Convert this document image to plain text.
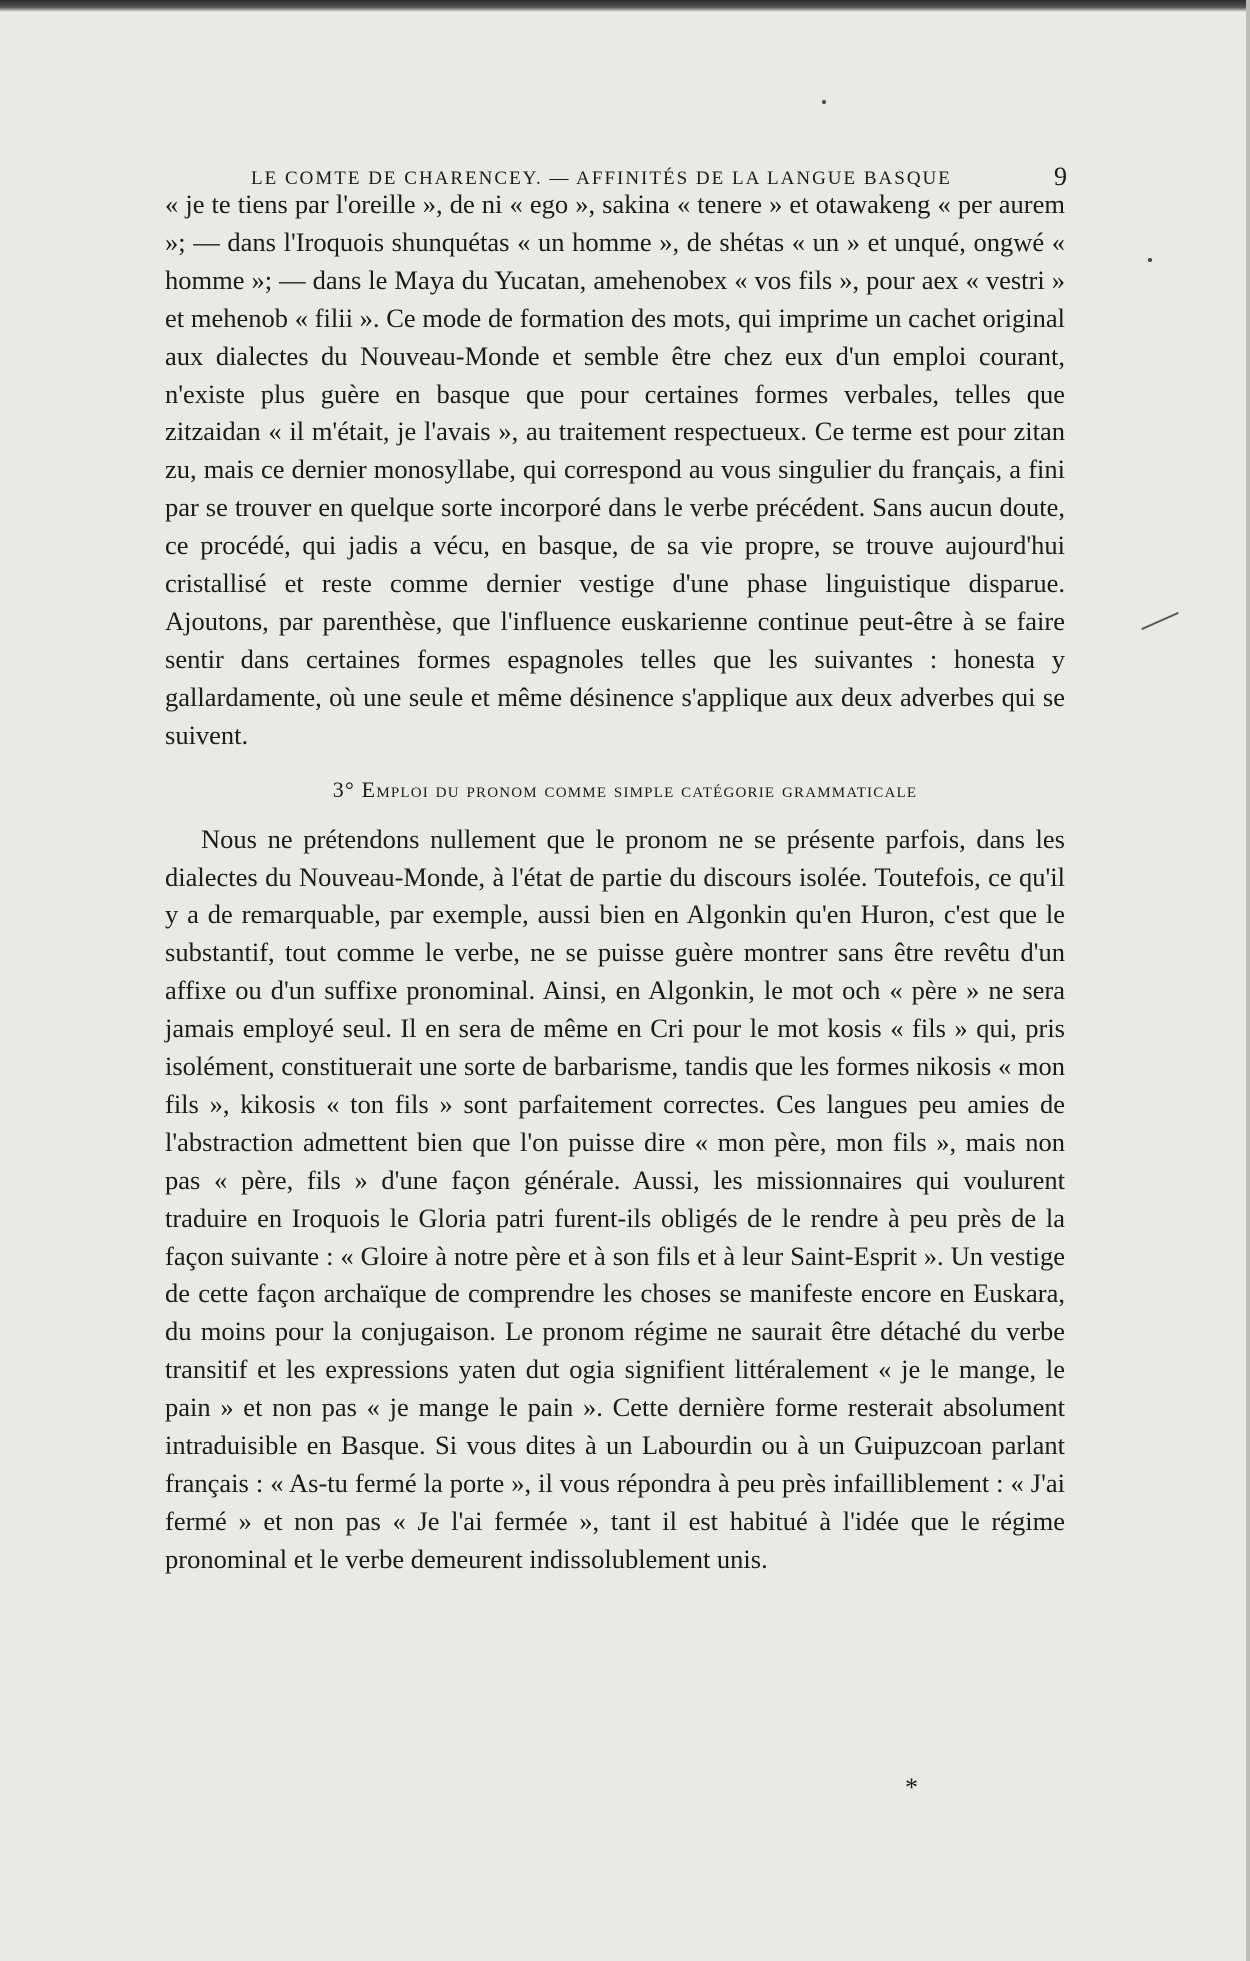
LE COMTE DE CHARENCEY. — AFFINITÉS DE LA LANGUE BASQUE	9

« je te tiens par l'oreille », de ni « ego », sakina « tenere » et otawakeng « per aurem »; — dans l'Iroquois shunquétas « un homme », de shétas « un » et unqué, ongwé « homme »; — dans le Maya du Yucatan, amehenobex « vos fils », pour aex « vestri » et mehenob « filii ». Ce mode de formation des mots, qui imprime un cachet original aux dialectes du Nouveau-Monde et semble être chez eux d'un emploi courant, n'existe plus guère en basque que pour certaines formes verbales, telles que zitzaidan « il m'était, je l'avais », au traitement respectueux. Ce terme est pour zitan zu, mais ce dernier monosyllabe, qui correspond au vous singulier du français, a fini par se trouver en quelque sorte incorporé dans le verbe précédent. Sans aucun doute, ce procédé, qui jadis a vécu, en basque, de sa vie propre, se trouve aujourd'hui cristallisé et reste comme dernier vestige d'une phase linguistique disparue. Ajoutons, par parenthèse, que l'influence euskarienne continue peut-être à se faire sentir dans certaines formes espagnoles telles que les suivantes : honesta y gallardamente, où une seule et même désinence s'applique aux deux adverbes qui se suivent.

3° Emploi du pronom comme simple catégorie grammaticale

Nous ne prétendons nullement que le pronom ne se présente parfois, dans les dialectes du Nouveau-Monde, à l'état de partie du discours isolée. Toutefois, ce qu'il y a de remarquable, par exemple, aussi bien en Algonkin qu'en Huron, c'est que le substantif, tout comme le verbe, ne se puisse guère montrer sans être revêtu d'un affixe ou d'un suffixe pronominal. Ainsi, en Algonkin, le mot och « père » ne sera jamais employé seul. Il en sera de même en Cri pour le mot kosis « fils » qui, pris isolément, constituerait une sorte de barbarisme, tandis que les formes nikosis « mon fils », kikosis « ton fils » sont parfaitement correctes. Ces langues peu amies de l'abstraction admettent bien que l'on puisse dire « mon père, mon fils », mais non pas « père, fils » d'une façon générale. Aussi, les missionnaires qui voulurent traduire en Iroquois le Gloria patri furent-ils obligés de le rendre à peu près de la façon suivante : « Gloire à notre père et à son fils et à leur Saint-Esprit ». Un vestige de cette façon archaïque de comprendre les choses se manifeste encore en Euskara, du moins pour la conjugaison. Le pronom régime ne saurait être détaché du verbe transitif et les expressions yaten dut ogia signifient littéralement « je le mange, le pain » et non pas « je mange le pain ». Cette dernière forme resterait absolument intraduisible en Basque. Si vous dites à un Labourdin ou à un Guipuzcoan parlant français : « As-tu fermé la porte », il vous répondra à peu près infailliblement : « J'ai fermé » et non pas « Je l'ai fermée », tant il est habitué à l'idée que le régime pronominal et le verbe demeurent indissolublement unis.

*
